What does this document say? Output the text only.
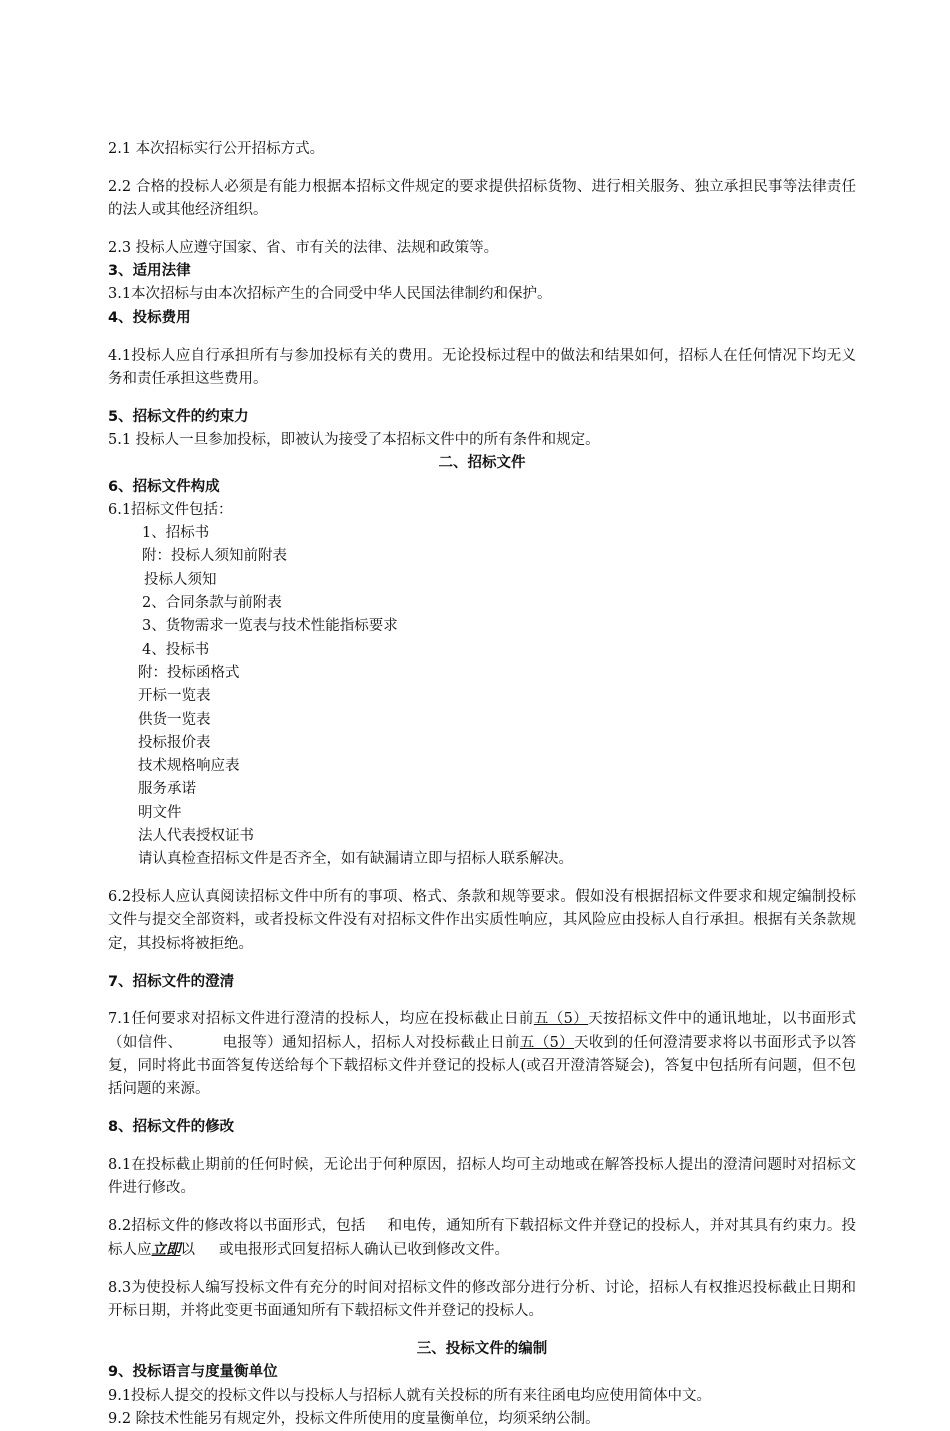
2.1 本次招标实行公开招标方式。

2.2 合格的投标人必须是有能力根据本招标文件规定的要求提供招标货物、进行相关服务、独立承担民事等法律责任的法人或其他经济组织。

2.3 投标人应遵守国家、省、市有关的法律、法规和政策等。

3、适用法律

3.1本次招标与由本次招标产生的合同受中华人民国法律制约和保护。

4、投标费用

4.1投标人应自行承担所有与参加投标有关的费用。无论投标过程中的做法和结果如何，招标人在任何情况下均无义务和责任承担这些费用。

5、招标文件的约束力

5.1 投标人一旦参加投标，即被认为接受了本招标文件中的所有条件和规定。

二、招标文件

6、招标文件构成

6.1招标文件包括：

1、招标书

附：投标人须知前附表

投标人须知

2、合同条款与前附表

3、货物需求一览表与技术性能指标要求

4、投标书

附：投标函格式

开标一览表

供货一览表

投标报价表

技术规格响应表

服务承诺

明文件

法人代表授权证书

请认真检查招标文件是否齐全，如有缺漏请立即与招标人联系解决。

6.2投标人应认真阅读招标文件中所有的事项、格式、条款和规等要求。假如没有根据招标文件要求和规定编制投标文件与提交全部资料，或者投标文件没有对招标文件作出实质性响应，其风险应由投标人自行承担。根据有关条款规定，其投标将被拒绝。

7、招标文件的澄清

7.1任何要求对招标文件进行澄清的投标人，均应在投标截止日前五（5）天按招标文件中的通讯地址，以书面形式（如信件、	电报等）通知招标人，招标人对投标截止日前五（5）天收到的任何澄清要求将以书面形式予以答复，同时将此书面答复传送给每个下载招标文件并登记的投标人(或召开澄清答疑会)，答复中包括所有问题，但不包括问题的来源。

8、招标文件的修改

8.1在投标截止期前的任何时候，无论出于何种原因，招标人均可主动地或在解答投标人提出的澄清问题时对招标文件进行修改。

8.2招标文件的修改将以书面形式，包括 和电传，通知所有下载招标文件并登记的投标人，并对其具有约束力。投标人应立即以 或电报形式回复招标人确认已收到修改文件。

8.3为使投标人编写投标文件有充分的时间对招标文件的修改部分进行分析、讨论，招标人有权推迟投标截止日期和开标日期，并将此变更书面通知所有下载招标文件并登记的投标人。

三、投标文件的编制

9、投标语言与度量衡单位

9.1投标人提交的投标文件以与投标人与招标人就有关投标的所有来往函电均应使用简体中文。

9.2 除技术性能另有规定外，投标文件所使用的度量衡单位，均须采纳公制。
